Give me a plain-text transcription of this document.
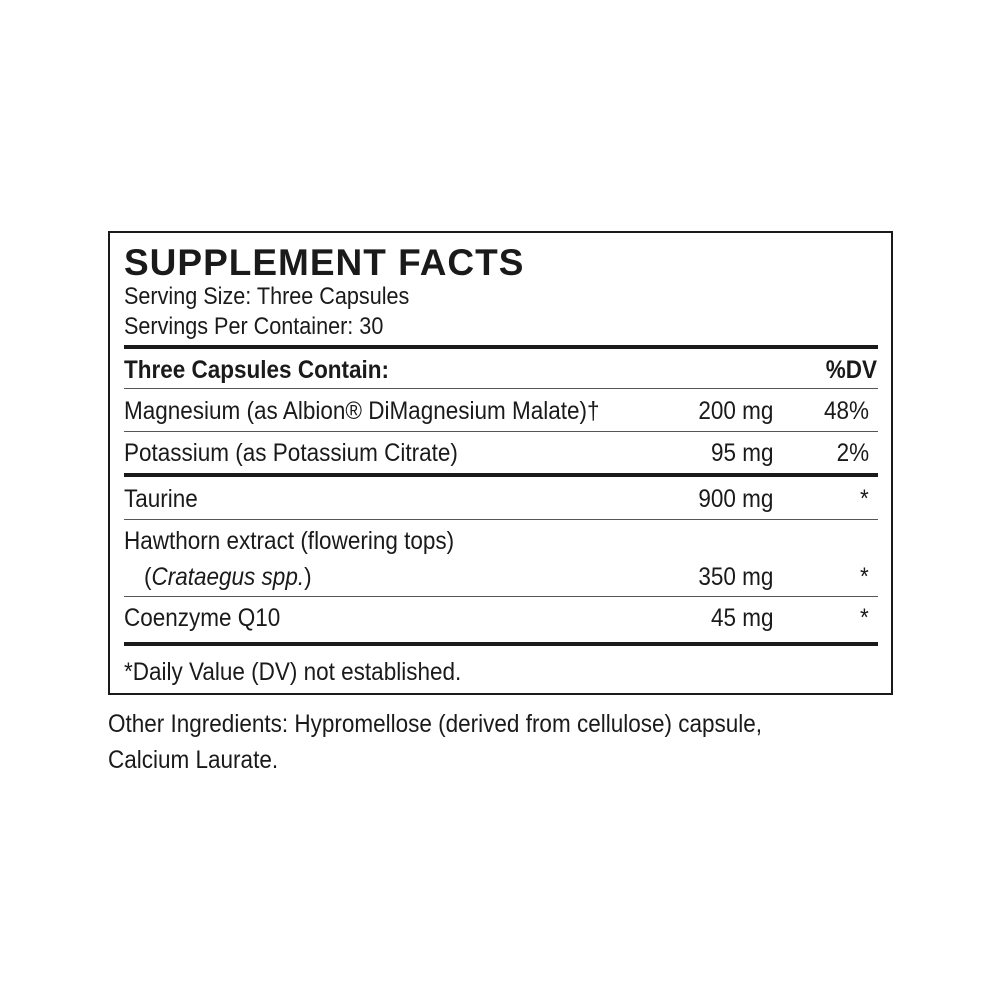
SUPPLEMENT FACTS
Serving Size: Three Capsules
Servings Per Container: 30
Three Capsules Contain:	%DV
Magnesium (as Albion® DiMagnesium Malate)†	200 mg 48%
Potassium (as Potassium Citrate)	95 mg	2%
Taurine	900 mg	*
Hawthorn extract (flowering tops)
(Crataegus spp.)	350 mg	*
Coenzyme Q10	45 mg	*
*Daily Value (DV) not established.
Other Ingredients: Hypromellose (derived from cellulose) capsule, Calcium Laurate.
